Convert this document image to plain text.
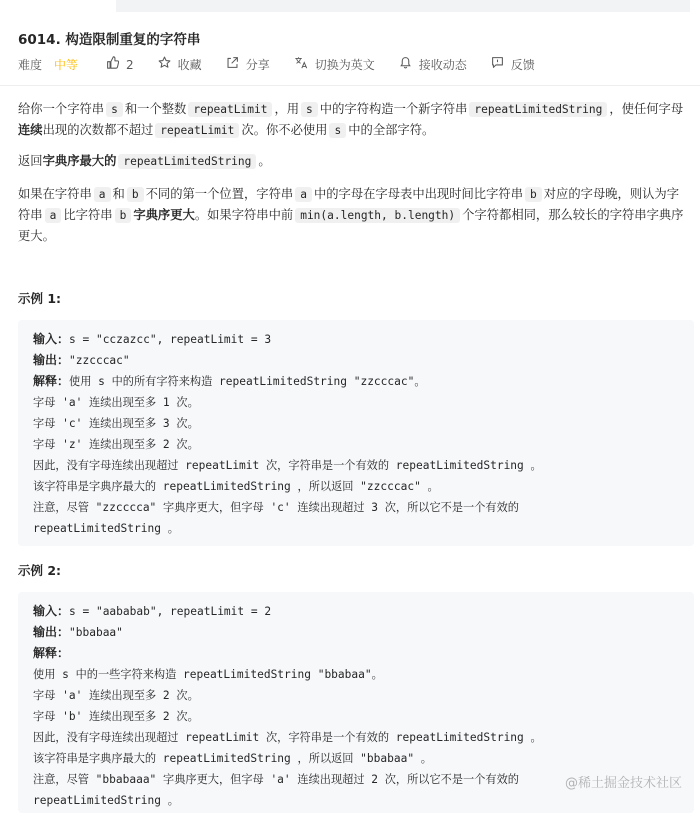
6014. 构造限制重复的字符串
难度 中等	2	收藏	分享	切换为英文	接收动态	反馈
给你一个字符串 s 和一个整数 repeatLimit ，用 s 中的字符构造一个新字符串 repeatLimitedString ，使任何字母连续出现的次数都不超过 repeatLimit 次。你不必使用 s 中的全部字符。
返回字典序最大的 repeatLimitedString 。
如果在字符串 a 和 b 不同的第一个位置，字符串 a 中的字母在字母表中出现时间比字符串 b 对应的字母晚，则认为字符串 a 比字符串 b 字典序更大。如果字符串中前 min(a.length, b.length) 个字符都相同，那么较长的字符串字典序更大。
示例 1:
输入：s = "cczazcc", repeatLimit = 3
输出："zzcccac"
解释：使用 s 中的所有字符来构造 repeatLimitedString "zzcccac"。
字母 'a' 连续出现至多 1 次。
字母 'c' 连续出现至多 3 次。
字母 'z' 连续出现至多 2 次。
因此，没有字母连续出现超过 repeatLimit 次，字符串是一个有效的 repeatLimitedString 。
该字符串是字典序最大的 repeatLimitedString ，所以返回 "zzcccac" 。
注意，尽管 "zzcccca" 字典序更大，但字母 'c' 连续出现超过 3 次，所以它不是一个有效的
repeatLimitedString 。
示例 2:
输入：s = "aababab", repeatLimit = 2
输出："bbabaa"
解释：
使用 s 中的一些字符来构造 repeatLimitedString "bbabaa"。
字母 'a' 连续出现至多 2 次。
字母 'b' 连续出现至多 2 次。
因此，没有字母连续出现超过 repeatLimit 次，字符串是一个有效的 repeatLimitedString 。
该字符串是字典序最大的 repeatLimitedString ，所以返回 "bbabaa" 。
注意，尽管 "bbabaaa" 字典序更大，但字母 'a' 连续出现超过 2 次，所以它不是一个有效的
repeatLimitedString 。
@稀土掘金技术社区
